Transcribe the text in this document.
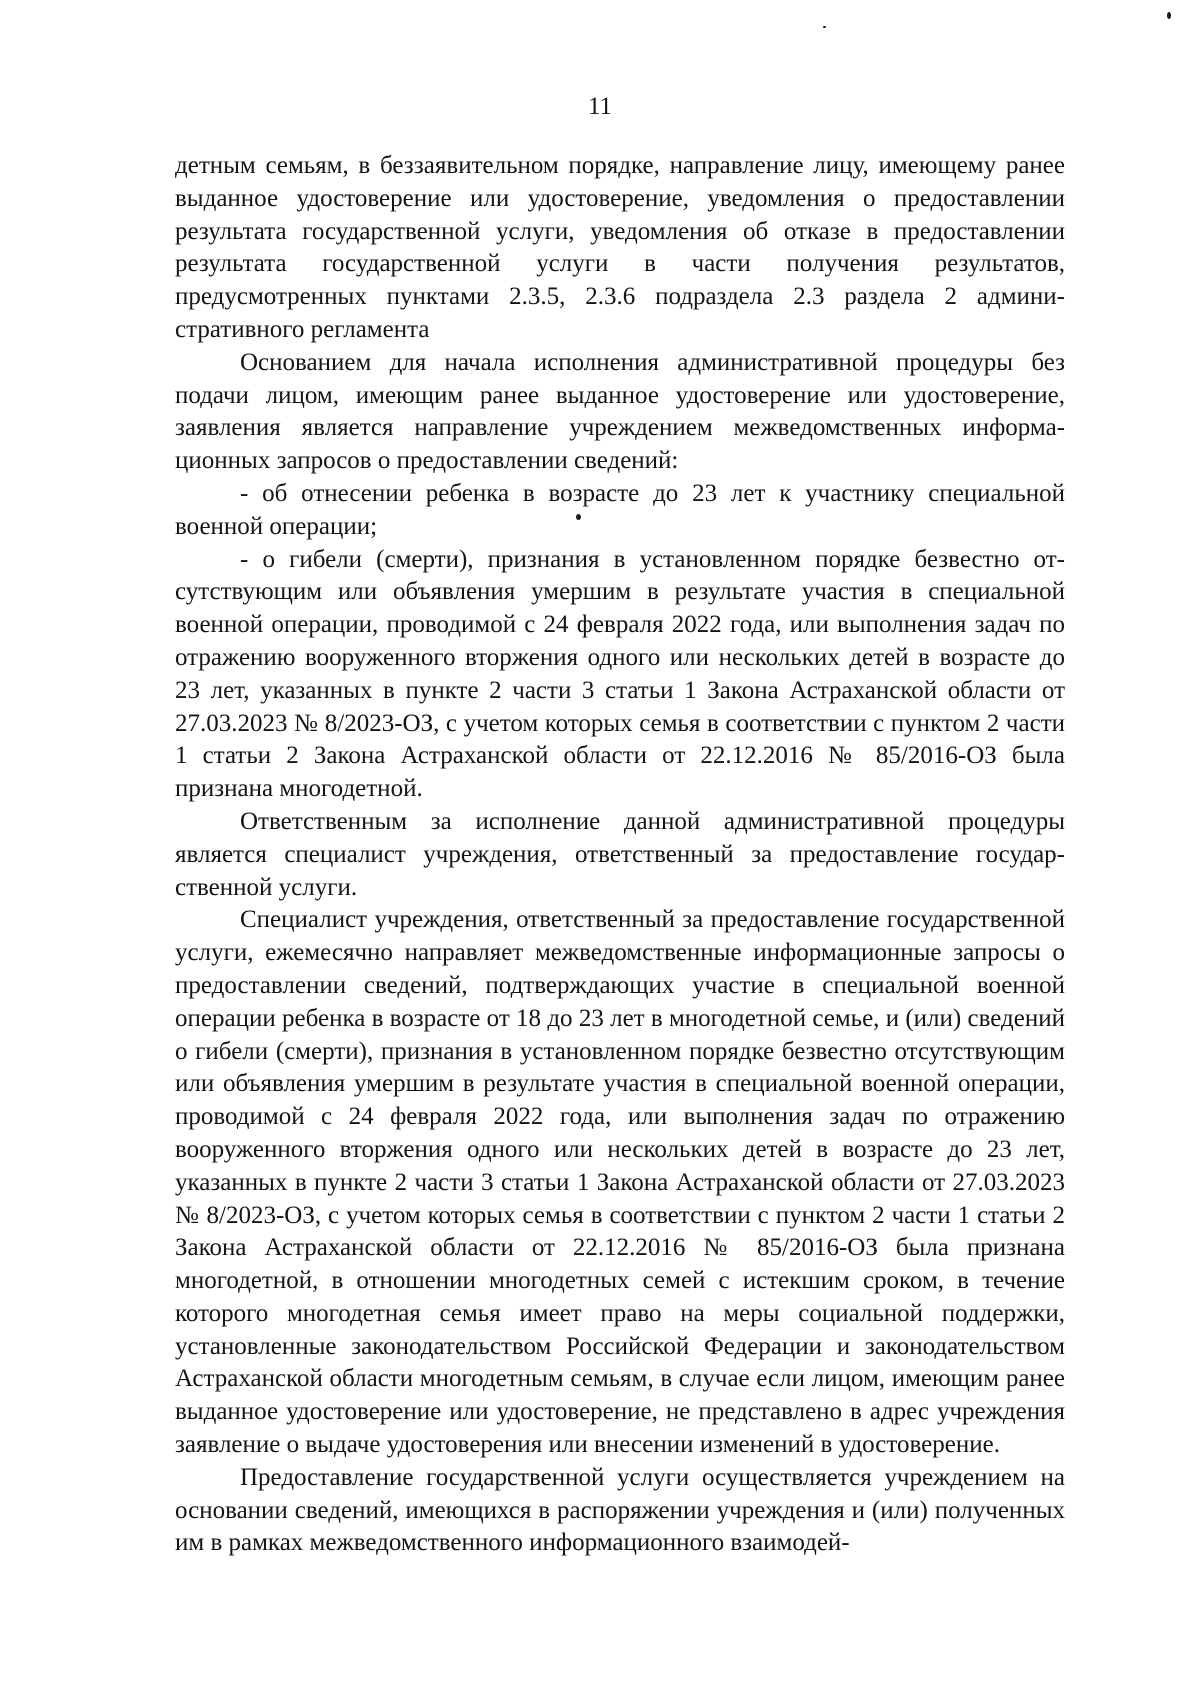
11

детным семьям, в беззаявительном порядке, направление лицу, имеющему ранее выданное удостоверение или удостоверение, уведомления о предоставлении результата государственной услуги, уведомления об отказе в предоставлении результата государственной услуги в части получения результатов, предусмотренных пунктами 2.3.5, 2.3.6 подраздела 2.3 раздела 2 административного регламента

Основанием для начала исполнения административной процедуры без подачи лицом, имеющим ранее выданное удостоверение или удостоверение, заявления является направление учреждением межведомственных информационных запросов о предоставлении сведений:

- об отнесении ребенка в возрасте до 23 лет к участнику специальной военной операции;

- о гибели (смерти), признания в установленном порядке безвестно отсутствующим или объявления умершим в результате участия в специальной военной операции, проводимой с 24 февраля 2022 года, или выполнения задач по отражению вооруженного вторжения одного или нескольких детей в возрасте до 23 лет, указанных в пункте 2 части 3 статьи 1 Закона Астраханской области от 27.03.2023 № 8/2023-ОЗ, с учетом которых семья в соответствии с пунктом 2 части 1 статьи 2 Закона Астраханской области от 22.12.2016 № 85/2016-ОЗ была признана многодетной.

Ответственным за исполнение данной административной процедуры является специалист учреждения, ответственный за предоставление государственной услуги.

Специалист учреждения, ответственный за предоставление государственной услуги, ежемесячно направляет межведомственные информационные запросы о предоставлении сведений, подтверждающих участие в специальной военной операции ребенка в возрасте от 18 до 23 лет в многодетной семье, и (или) сведений о гибели (смерти), признания в установленном порядке безвестно отсутствующим или объявления умершим в результате участия в специальной военной операции, проводимой с 24 февраля 2022 года, или выполнения задач по отражению вооруженного вторжения одного или нескольких детей в возрасте до 23 лет, указанных в пункте 2 части 3 статьи 1 Закона Астраханской области от 27.03.2023 № 8/2023-ОЗ, с учетом которых семья в соответствии с пунктом 2 части 1 статьи 2 Закона Астраханской области от 22.12.2016 № 85/2016-ОЗ была признана многодетной, в отношении многодетных семей с истекшим сроком, в течение которого многодетная семья имеет право на меры социальной поддержки, установленные законодательством Российской Федерации и законодательством Астраханской области многодетным семьям, в случае если лицом, имеющим ранее выданное удостоверение или удостоверение, не представлено в адрес учреждения заявление о выдаче удостоверения или внесении изменений в удостоверение.

Предоставление государственной услуги осуществляется учреждением на основании сведений, имеющихся в распоряжении учреждения и (или) полученных им в рамках межведомственного информационного взаимодей-
